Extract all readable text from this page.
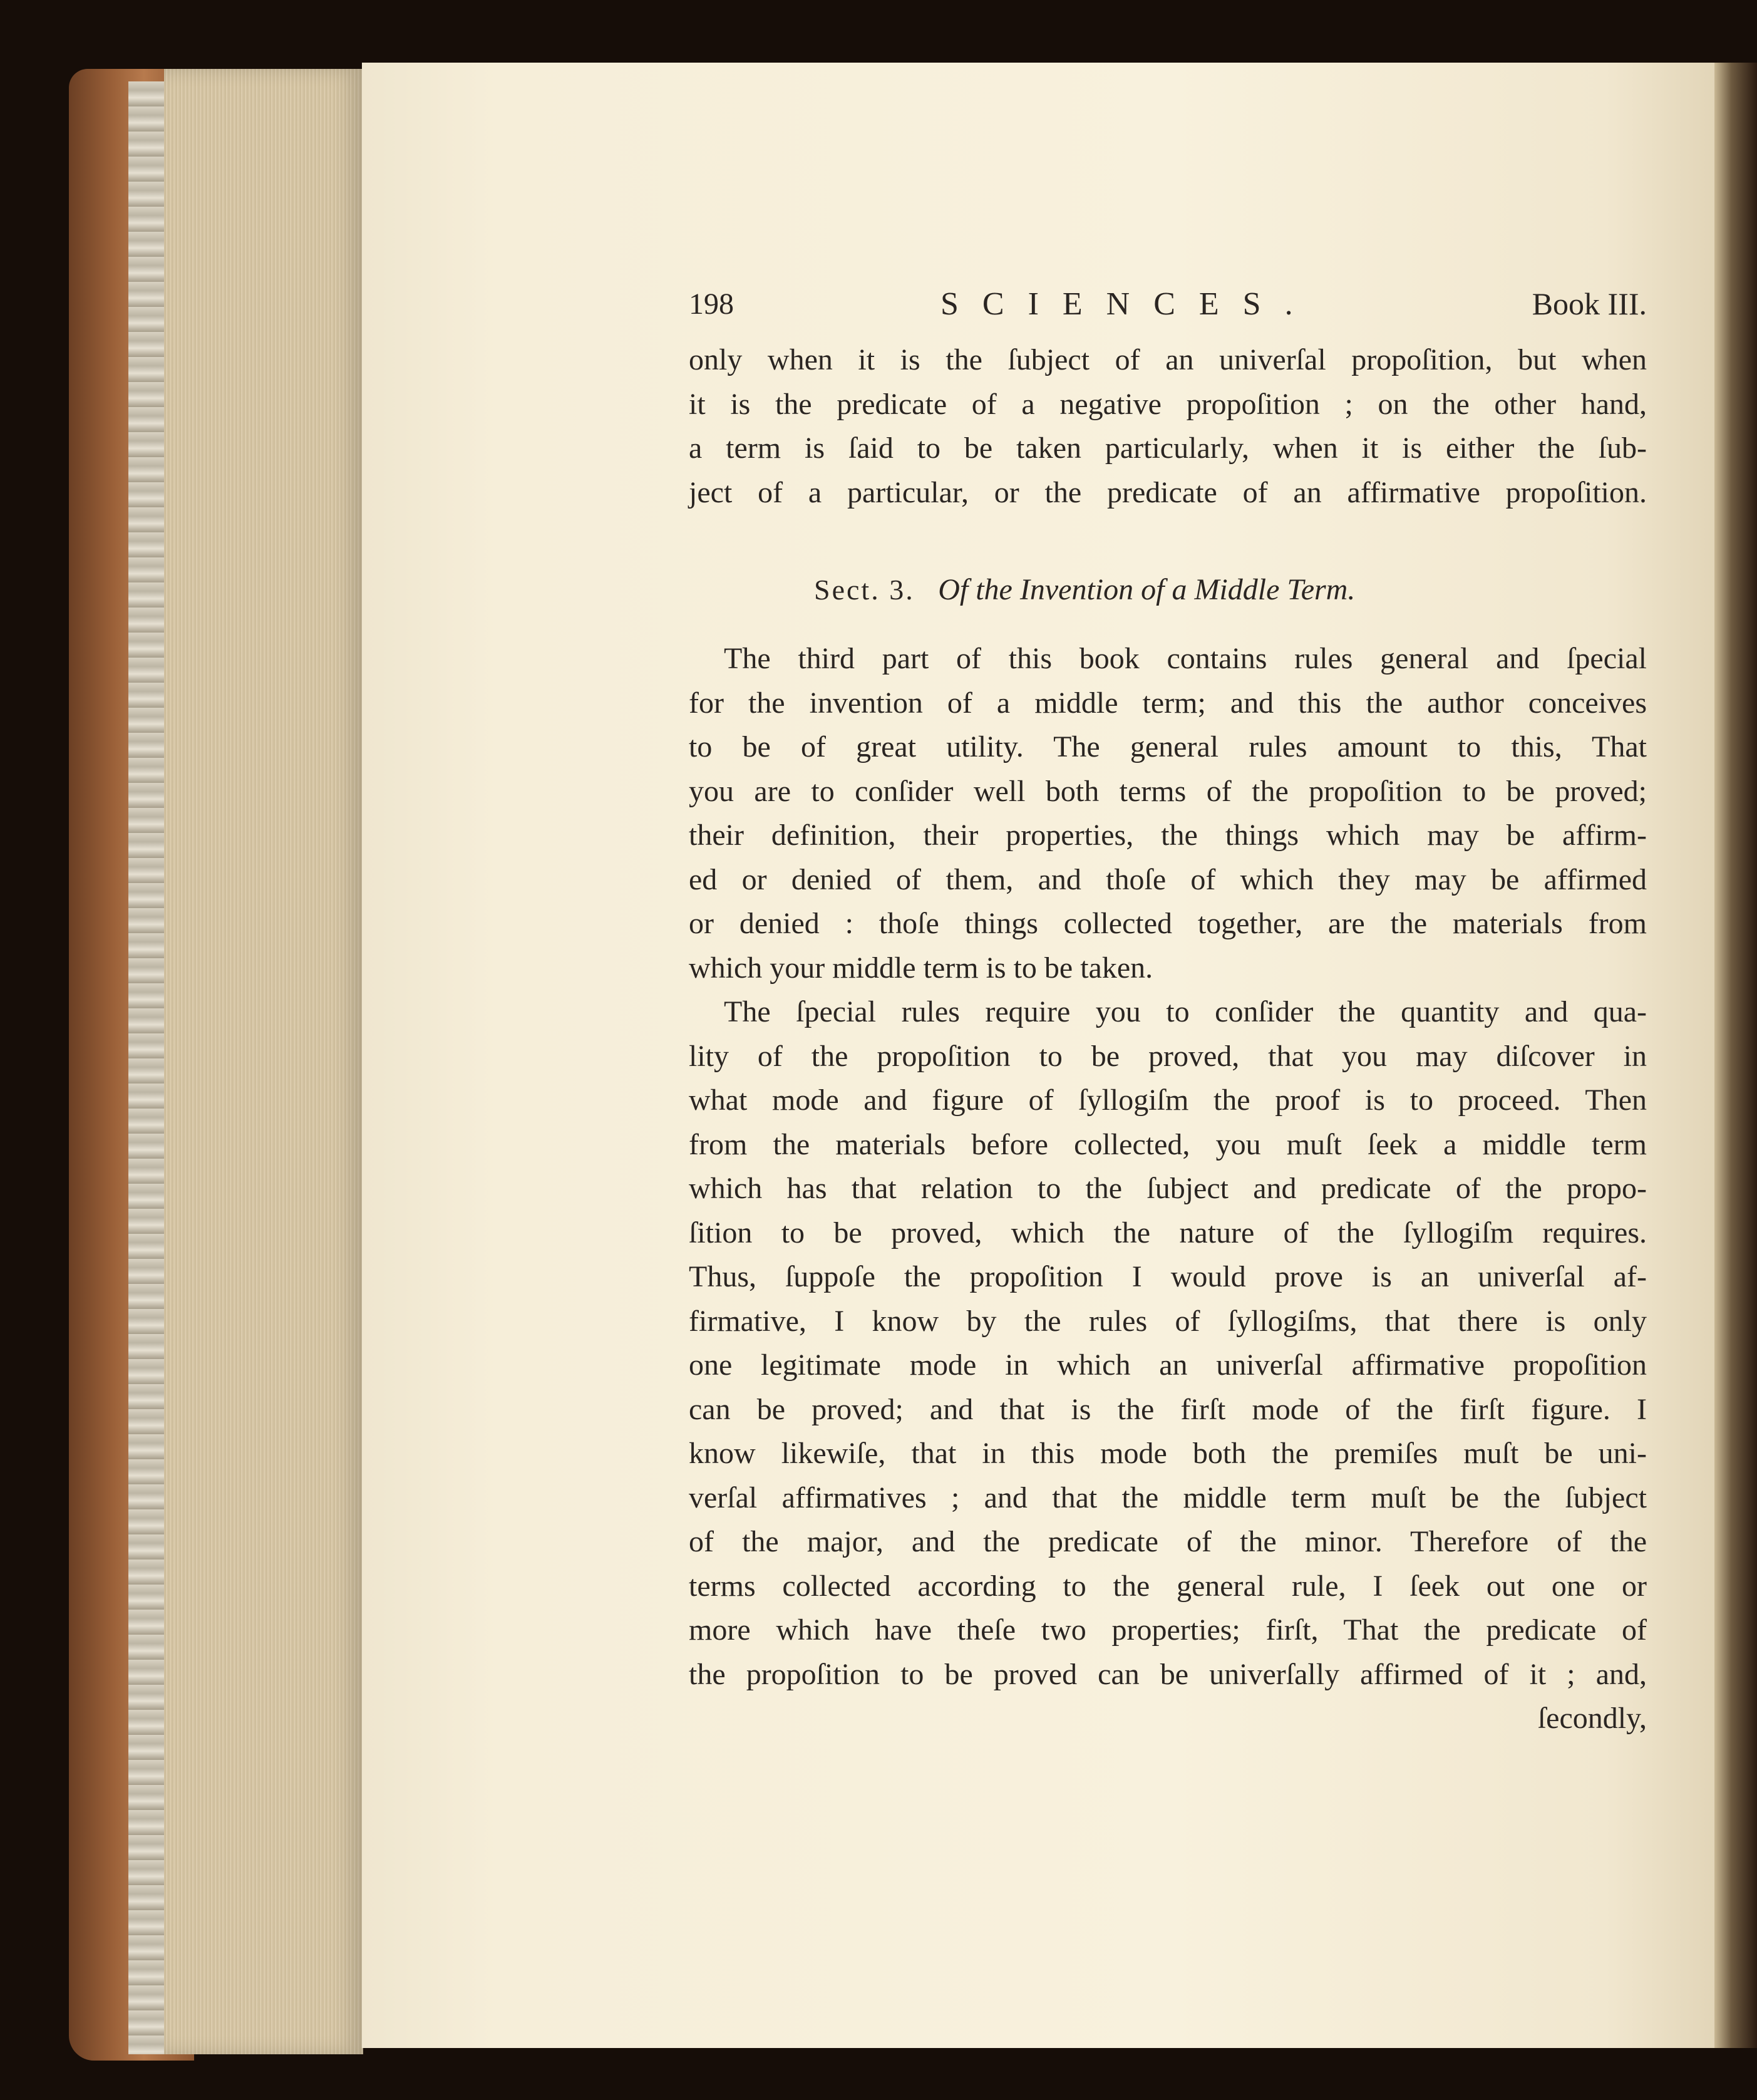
198	SCIENCES.	Book III.
only when it is the ſubject of an univerſal propoſition, but when
it is the predicate of a negative propoſition ; on the other hand,
a term is ſaid to be taken particularly, when it is either the ſub-
ject of a particular, or the predicate of an affirmative propoſition.
Sect. 3. Of the Invention of a Middle Term.
The third part of this book contains rules general and ſpecial
for the invention of a middle term; and this the author conceives
to be of great utility. The general rules amount to this, That
you are to conſider well both terms of the propoſition to be proved;
their definition, their properties, the things which may be affirm-
ed or denied of them, and thoſe of which they may be affirmed
or denied : thoſe things collected together, are the materials from
which your middle term is to be taken.
The ſpecial rules require you to conſider the quantity and qua-
lity of the propoſition to be proved, that you may diſcover in
what mode and figure of ſyllogiſm the proof is to proceed. Then
from the materials before collected, you muſt ſeek a middle term
which has that relation to the ſubject and predicate of the propo-
ſition to be proved, which the nature of the ſyllogiſm requires.
Thus, ſuppoſe the propoſition I would prove is an univerſal af-
firmative, I know by the rules of ſyllogiſms, that there is only
one legitimate mode in which an univerſal affirmative propoſition
can be proved; and that is the firſt mode of the firſt figure. I
know likewiſe, that in this mode both the premiſes muſt be uni-
verſal affirmatives ; and that the middle term muſt be the ſubject
of the major, and the predicate of the minor. Therefore of the
terms collected according to the general rule, I ſeek out one or
more which have theſe two properties; firſt, That the predicate of
the propoſition to be proved can be univerſally affirmed of it ; and,
ſecondly,
